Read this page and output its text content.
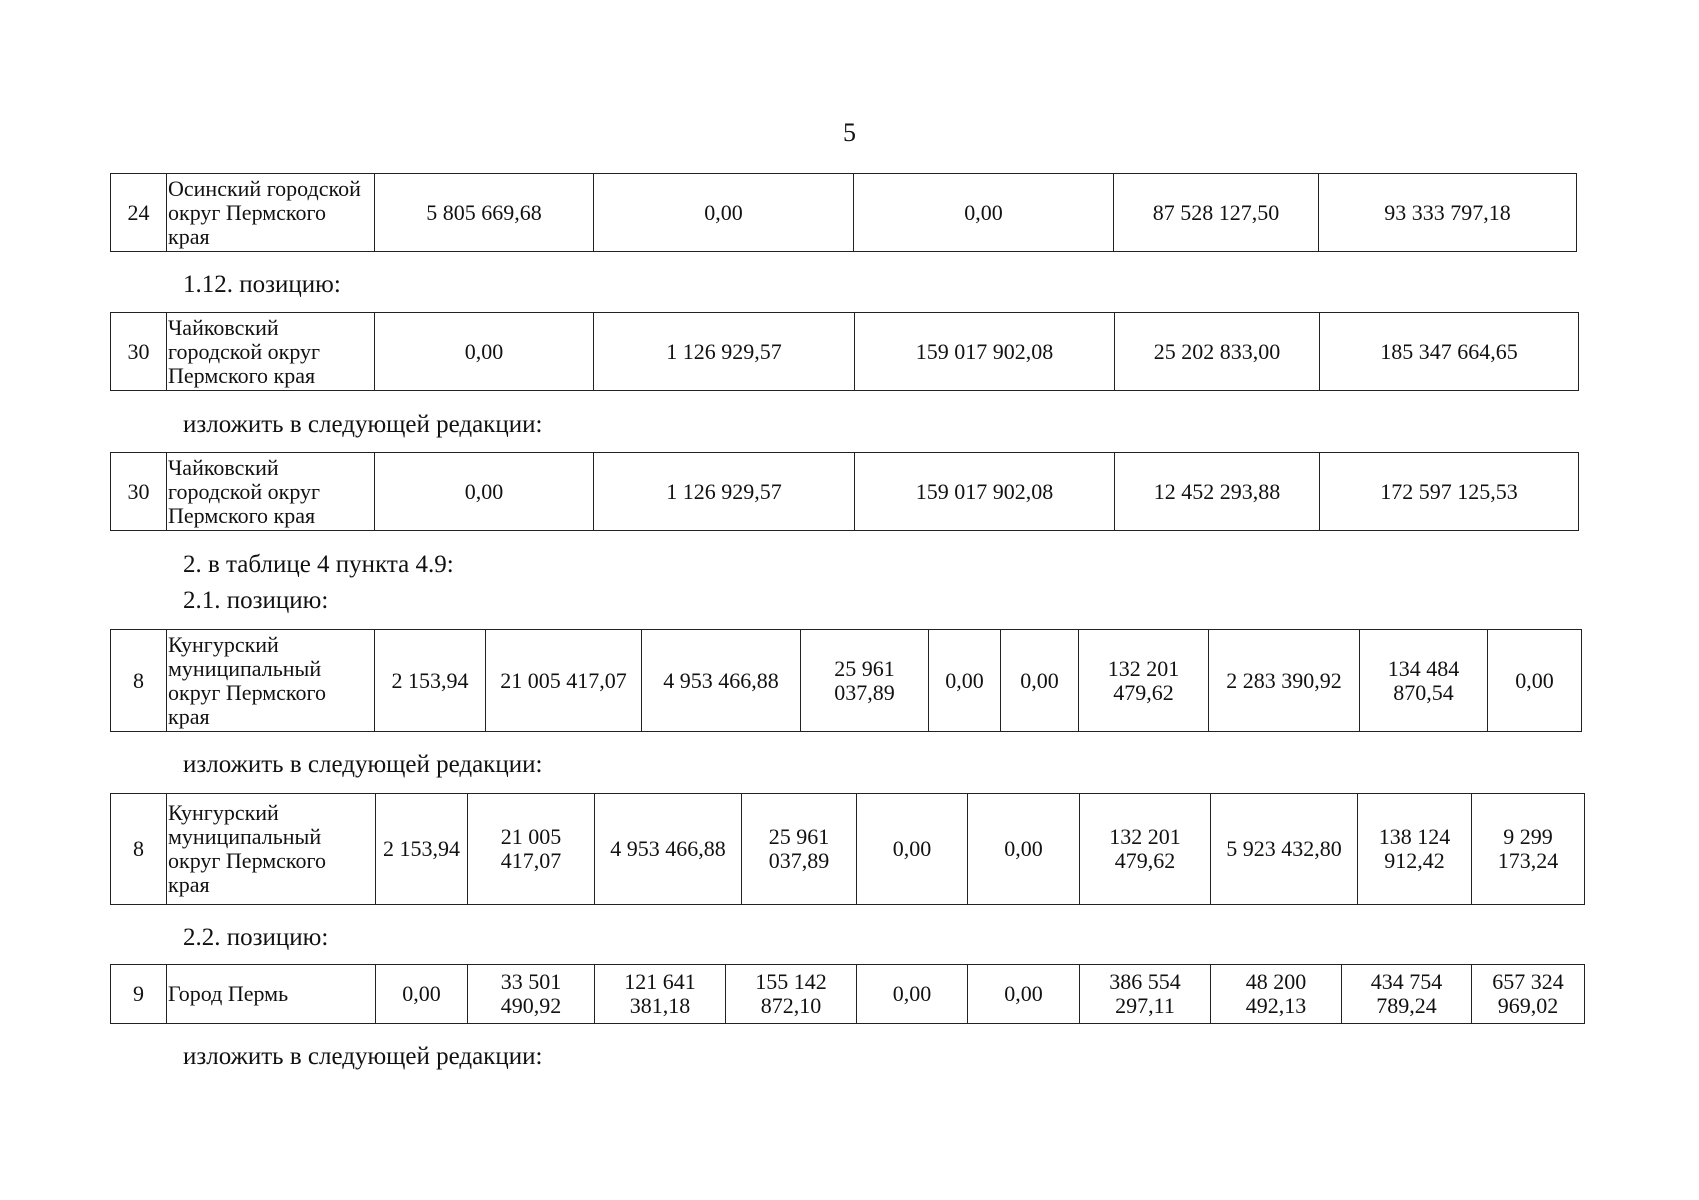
5
24	Осинский городской округ Пермского края	5 805 669,68	0,00	0,00	87 528 127,50	93 333 797,18
1.12. позицию:
30	Чайковский городской округ Пермского края	0,00	1 126 929,57	159 017 902,08	25 202 833,00	185 347 664,65
изложить в следующей редакции:
30	Чайковский городской округ Пермского края	0,00	1 126 929,57	159 017 902,08	12 452 293,88	172 597 125,53
2. в таблице 4 пункта 4.9:
2.1. позицию:
8	Кунгурский муниципальный округ Пермского края	2 153,94	21 005 417,07	4 953 466,88	25 961 037,89	0,00	0,00	132 201 479,62	2 283 390,92	134 484 870,54	0,00
изложить в следующей редакции:
8	Кунгурский муниципальный округ Пермского края	2 153,94	21 005 417,07	4 953 466,88	25 961 037,89	0,00	0,00	132 201 479,62	5 923 432,80	138 124 912,42	9 299 173,24
2.2. позицию:
9	Город Пермь	0,00	33 501 490,92	121 641 381,18	155 142 872,10	0,00	0,00	386 554 297,11	48 200 492,13	434 754 789,24	657 324 969,02
изложить в следующей редакции:
